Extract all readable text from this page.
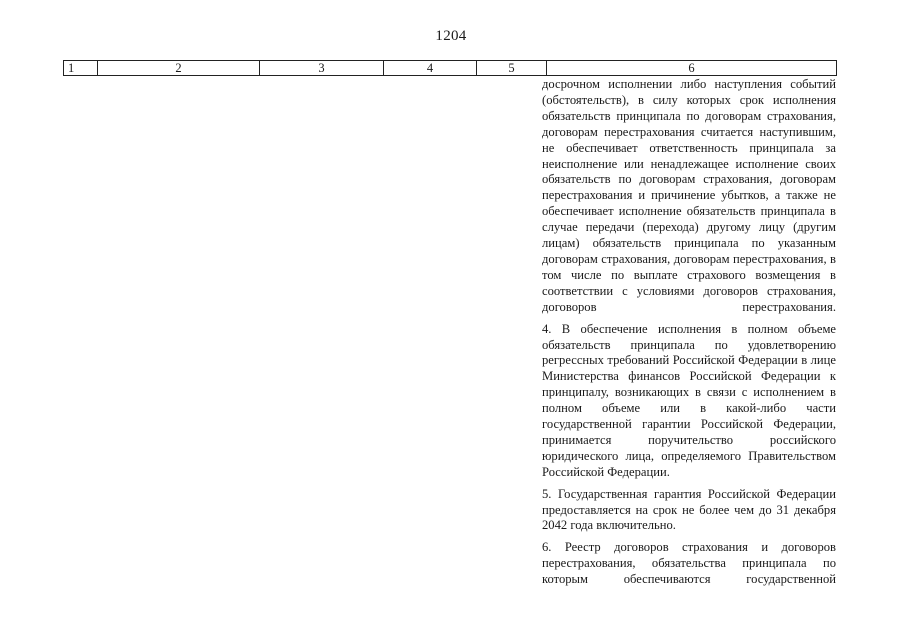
1204
1	2	3	4	5	6

досрочном исполнении либо наступления событий (обстоятельств), в силу которых срок исполнения обязательств принципала по договорам страхования, договорам перестрахования считается наступившим, не обеспечивает ответственность принципала за неисполнение или ненадлежащее исполнение своих обязательств по договорам страхования, договорам перестрахования и причинение убытков, а также не обеспечивает исполнение обязательств принципала в случае передачи (перехода) другому лицу (другим лицам) обязательств принципала по указанным договорам страхования, договорам перестрахования, в том числе по выплате страхового возмещения в соответствии с условиями договоров страхования, договоров перестрахования.

4. В обеспечение исполнения в полном объеме обязательств принципала по удовлетворению регрессных требований Российской Федерации в лице Министерства финансов Российской Федерации к принципалу, возникающих в связи с исполнением в полном объеме или в какой-либо части государственной гарантии Российской Федерации, принимается поручительство российского юридического лица, определяемого Правительством Российской Федерации.

5. Государственная гарантия Российской Федерации предоставляется на срок не более чем до 31 декабря 2042 года включительно.

6. Реестр договоров страхования и договоров перестрахования, обязательства принципала по которым обеспечиваются государственной
